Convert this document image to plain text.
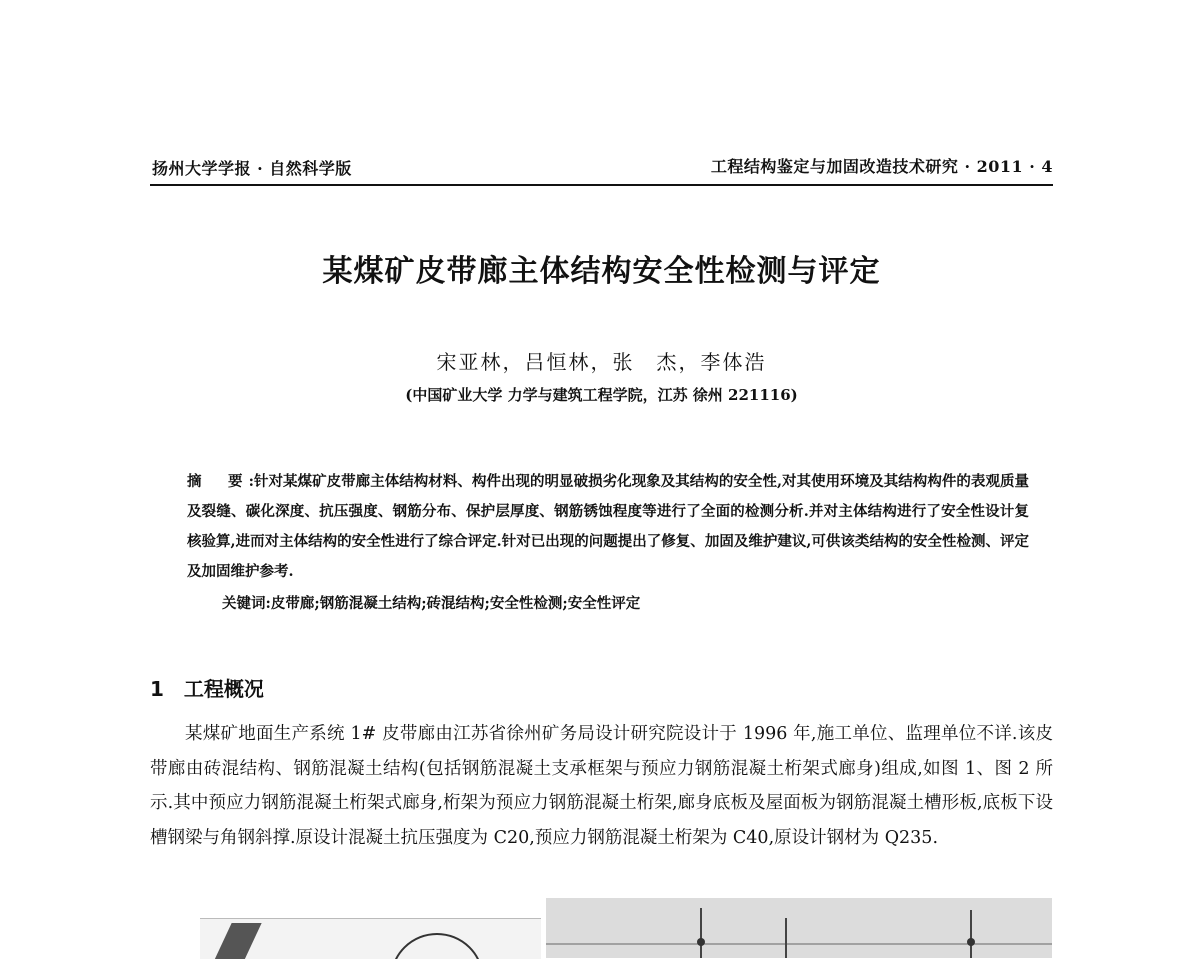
扬州大学学报 · 自然科学版	工程结构鉴定与加固改造技术研究 · 2011 · 4
某煤矿皮带廊主体结构安全性检测与评定
宋亚林，吕恒林，张　杰，李体浩
(中国矿业大学 力学与建筑工程学院，江苏 徐州 221116)
摘　要:针对某煤矿皮带廊主体结构材料、构件出现的明显破损劣化现象及其结构的安全性,对其使用环境及其结构构件的表观质量及裂缝、碳化深度、抗压强度、钢筋分布、保护层厚度、钢筋锈蚀程度等进行了全面的检测分析.并对主体结构进行了安全性设计复核验算,进而对主体结构的安全性进行了综合评定.针对已出现的问题提出了修复、加固及维护建议,可供该类结构的安全性检测、评定及加固维护参考.
关键词:皮带廊;钢筋混凝土结构;砖混结构;安全性检测;安全性评定
1 工程概况
某煤矿地面生产系统 1# 皮带廊由江苏省徐州矿务局设计研究院设计于 1996 年,施工单位、监理单位不详.该皮带廊由砖混结构、钢筋混凝土结构(包括钢筋混凝土支承框架与预应力钢筋混凝土桁架式廊身)组成,如图 1、图 2 所示.其中预应力钢筋混凝土桁架式廊身,桁架为预应力钢筋混凝土桁架,廊身底板及屋面板为钢筋混凝土槽形板,底板下设槽钢梁与角钢斜撑.原设计混凝土抗压强度为 C20,预应力钢筋混凝土桁架为 C40,原设计钢材为 Q235.
